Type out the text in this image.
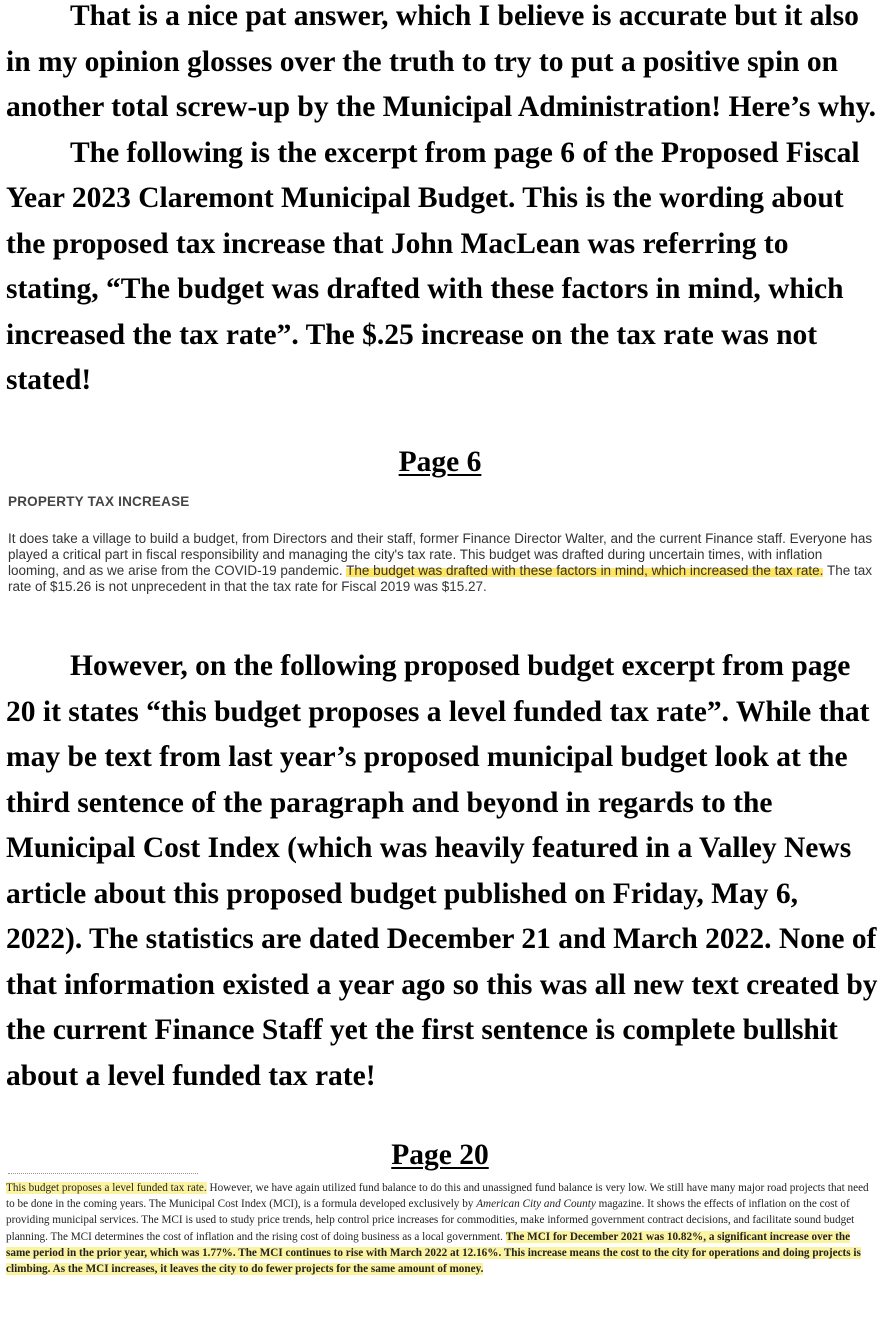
That is a nice pat answer, which I believe is accurate but it also in my opinion glosses over the truth to try to put a positive spin on another total screw-up by the Municipal Administration! Here’s why.

The following is the excerpt from page 6 of the Proposed Fiscal Year 2023 Claremont Municipal Budget. This is the wording about the proposed tax increase that John MacLean was referring to stating, “The budget was drafted with these factors in mind, which increased the tax rate”. The $.25 increase on the tax rate was not stated!

Page 6

PROPERTY TAX INCREASE

It does take a village to build a budget, from Directors and their staff, former Finance Director Walter, and the current Finance staff. Everyone has played a critical part in fiscal responsibility and managing the city's tax rate. This budget was drafted during uncertain times, with inflation looming, and as we arise from the COVID-19 pandemic. The budget was drafted with these factors in mind, which increased the tax rate. The tax rate of $15.26 is not unprecedent in that the tax rate for Fiscal 2019 was $15.27.

However, on the following proposed budget excerpt from page 20 it states “this budget proposes a level funded tax rate”. While that may be text from last year’s proposed municipal budget look at the third sentence of the paragraph and beyond in regards to the Municipal Cost Index (which was heavily featured in a Valley News article about this proposed budget published on Friday, May 6, 2022). The statistics are dated December 21 and March 2022. None of that information existed a year ago so this was all new text created by the current Finance Staff yet the first sentence is complete bullshit about a level funded tax rate!

Page 20

This budget proposes a level funded tax rate. However, we have again utilized fund balance to do this and unassigned fund balance is very low. We still have many major road projects that need to be done in the coming years. The Municipal Cost Index (MCI), is a formula developed exclusively by American City and County magazine. It shows the effects of inflation on the cost of providing municipal services. The MCI is used to study price trends, help control price increases for commodities, make informed government contract decisions, and facilitate sound budget planning. The MCI determines the cost of inflation and the rising cost of doing business as a local government. The MCI for December 2021 was 10.82%, a significant increase over the same period in the prior year, which was 1.77%. The MCI continues to rise with March 2022 at 12.16%. This increase means the cost to the city for operations and doing projects is climbing. As the MCI increases, it leaves the city to do fewer projects for the same amount of money.
